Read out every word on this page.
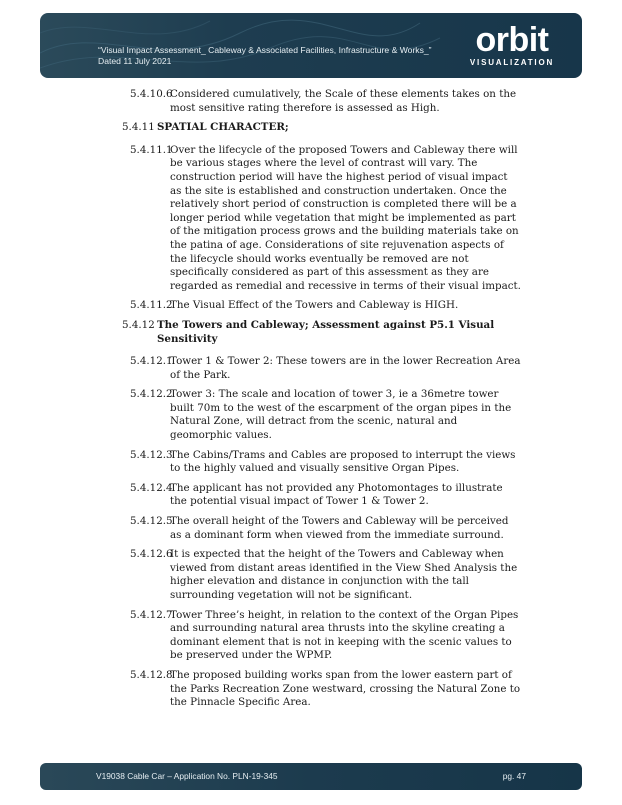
“Visual Impact Assessment_ Cableway & Associated Facilities, Infrastructure & Works_”
Dated 11 July 2021
orbit
VISUALIZATION
5.4.10.6
Considered cumulatively, the Scale of these elements takes on the most sensitive rating therefore is assessed as High.
5.4.11 SPATIAL CHARACTER;
5.4.11.1
Over the lifecycle of the proposed Towers and Cableway there will be various stages where the level of contrast will vary. The construction period will have the highest period of visual impact as the site is established and construction undertaken. Once the relatively short period of construction is completed there will be a longer period while vegetation that might be implemented as part of the mitigation process grows and the building materials take on the patina of age. Considerations of site rejuvenation aspects of the lifecycle should works eventually be removed are not specifically considered as part of this assessment as they are regarded as remedial and recessive in terms of their visual impact.
5.4.11.2
The Visual Effect of the Towers and Cableway is HIGH.
5.4.12 The Towers and Cableway; Assessment against P5.1 Visual Sensitivity
5.4.12.1
Tower 1 & Tower 2: These towers are in the lower Recreation Area of the Park.
5.4.12.2
Tower 3: The scale and location of tower 3, ie a 36metre tower built 70m to the west of the escarpment of the organ pipes in the Natural Zone, will detract from the scenic, natural and geomorphic values.
5.4.12.3
The Cabins/Trams and Cables are proposed to interrupt the views to the highly valued and visually sensitive Organ Pipes.
5.4.12.4
The applicant has not provided any Photomontages to illustrate the potential visual impact of Tower 1 & Tower 2.
5.4.12.5
The overall height of the Towers and Cableway will be perceived as a dominant form when viewed from the immediate surround.
5.4.12.6
It is expected that the height of the Towers and Cableway when viewed from distant areas identified in the View Shed Analysis the higher elevation and distance in conjunction with the tall surrounding vegetation will not be significant.
5.4.12.7
Tower Three’s height, in relation to the context of the Organ Pipes and surrounding natural area thrusts into the skyline creating a dominant element that is not in keeping with the scenic values to be preserved under the WPMP.
5.4.12.8
The proposed building works span from the lower eastern part of the Parks Recreation Zone westward, crossing the Natural Zone to the Pinnacle Specific Area.
V19038 Cable Car – Application No. PLN-19-345	pg. 47
